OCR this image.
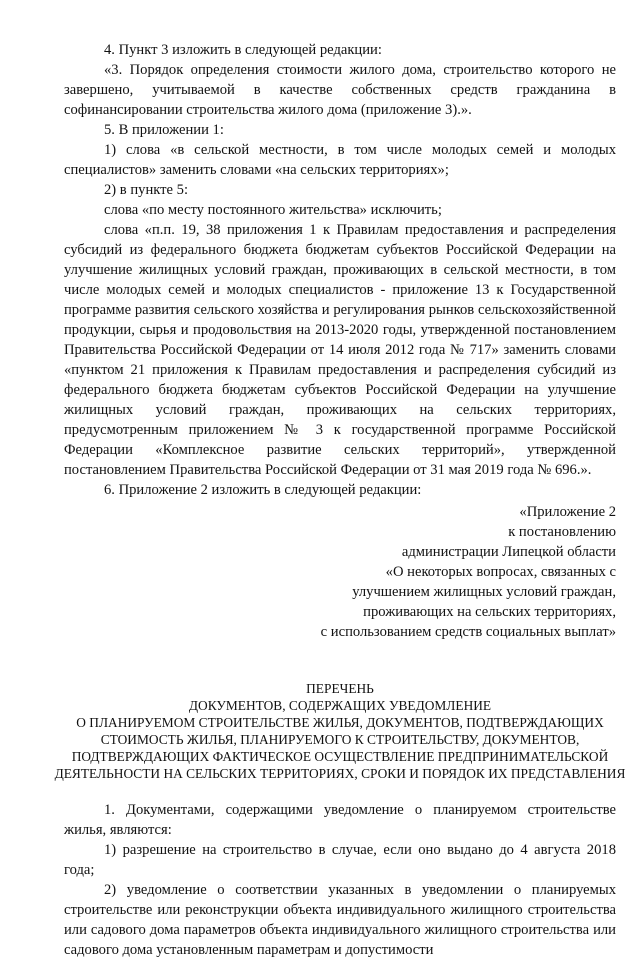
4. Пункт 3 изложить в следующей редакции:

«3. Порядок определения стоимости жилого дома, строительство которого не завершено, учитываемой в качестве собственных средств гражданина в софинансировании строительства жилого дома (приложение 3).».

5. В приложении 1:

1) слова «в сельской местности, в том числе молодых семей и молодых специалистов» заменить словами «на сельских территориях»;

2) в пункте 5:

слова «по месту постоянного жительства» исключить;

слова «п.п. 19, 38 приложения 1 к Правилам предоставления и распределения субсидий из федерального бюджета бюджетам субъектов Российской Федерации на улучшение жилищных условий граждан, проживающих в сельской местности, в том числе молодых семей и молодых специалистов - приложение 13 к Государственной программе развития сельского хозяйства и регулирования рынков сельскохозяйственной продукции, сырья и продовольствия на 2013-2020 годы, утвержденной постановлением Правительства Российской Федерации от 14 июля 2012 года № 717» заменить словами «пунктом 21 приложения к Правилам предоставления и распределения субсидий из федерального бюджета бюджетам субъектов Российской Федерации на улучшение жилищных условий граждан, проживающих на сельских территориях, предусмотренным приложением № 3 к государственной программе Российской Федерации «Комплексное развитие сельских территорий», утвержденной постановлением Правительства Российской Федерации от 31 мая 2019 года № 696.».

6. Приложение 2 изложить в следующей редакции:

«Приложение 2
к постановлению
администрации Липецкой области
«О некоторых вопросах, связанных с
улучшением жилищных условий граждан,
проживающих на сельских территориях,
с использованием средств социальных выплат»
ПЕРЕЧЕНЬ
ДОКУМЕНТОВ, СОДЕРЖАЩИХ УВЕДОМЛЕНИЕ
О ПЛАНИРУЕМОМ СТРОИТЕЛЬСТВЕ ЖИЛЬЯ, ДОКУМЕНТОВ, ПОДТВЕРЖДАЮЩИХ
СТОИМОСТЬ ЖИЛЬЯ, ПЛАНИРУЕМОГО К СТРОИТЕЛЬСТВУ, ДОКУМЕНТОВ,
ПОДТВЕРЖДАЮЩИХ ФАКТИЧЕСКОЕ ОСУЩЕСТВЛЕНИЕ ПРЕДПРИНИМАТЕЛЬСКОЙ
ДЕЯТЕЛЬНОСТИ НА СЕЛЬСКИХ ТЕРРИТОРИЯХ, СРОКИ И ПОРЯДОК ИХ ПРЕДСТАВЛЕНИЯ

1. Документами, содержащими уведомление о планируемом строительстве жилья, являются:

1) разрешение на строительство в случае, если оно выдано до 4 августа 2018 года;

2) уведомление о соответствии указанных в уведомлении о планируемых строительстве или реконструкции объекта индивидуального жилищного строительства или садового дома параметров объекта индивидуального жилищного строительства или садового дома установленным параметрам и допустимости
